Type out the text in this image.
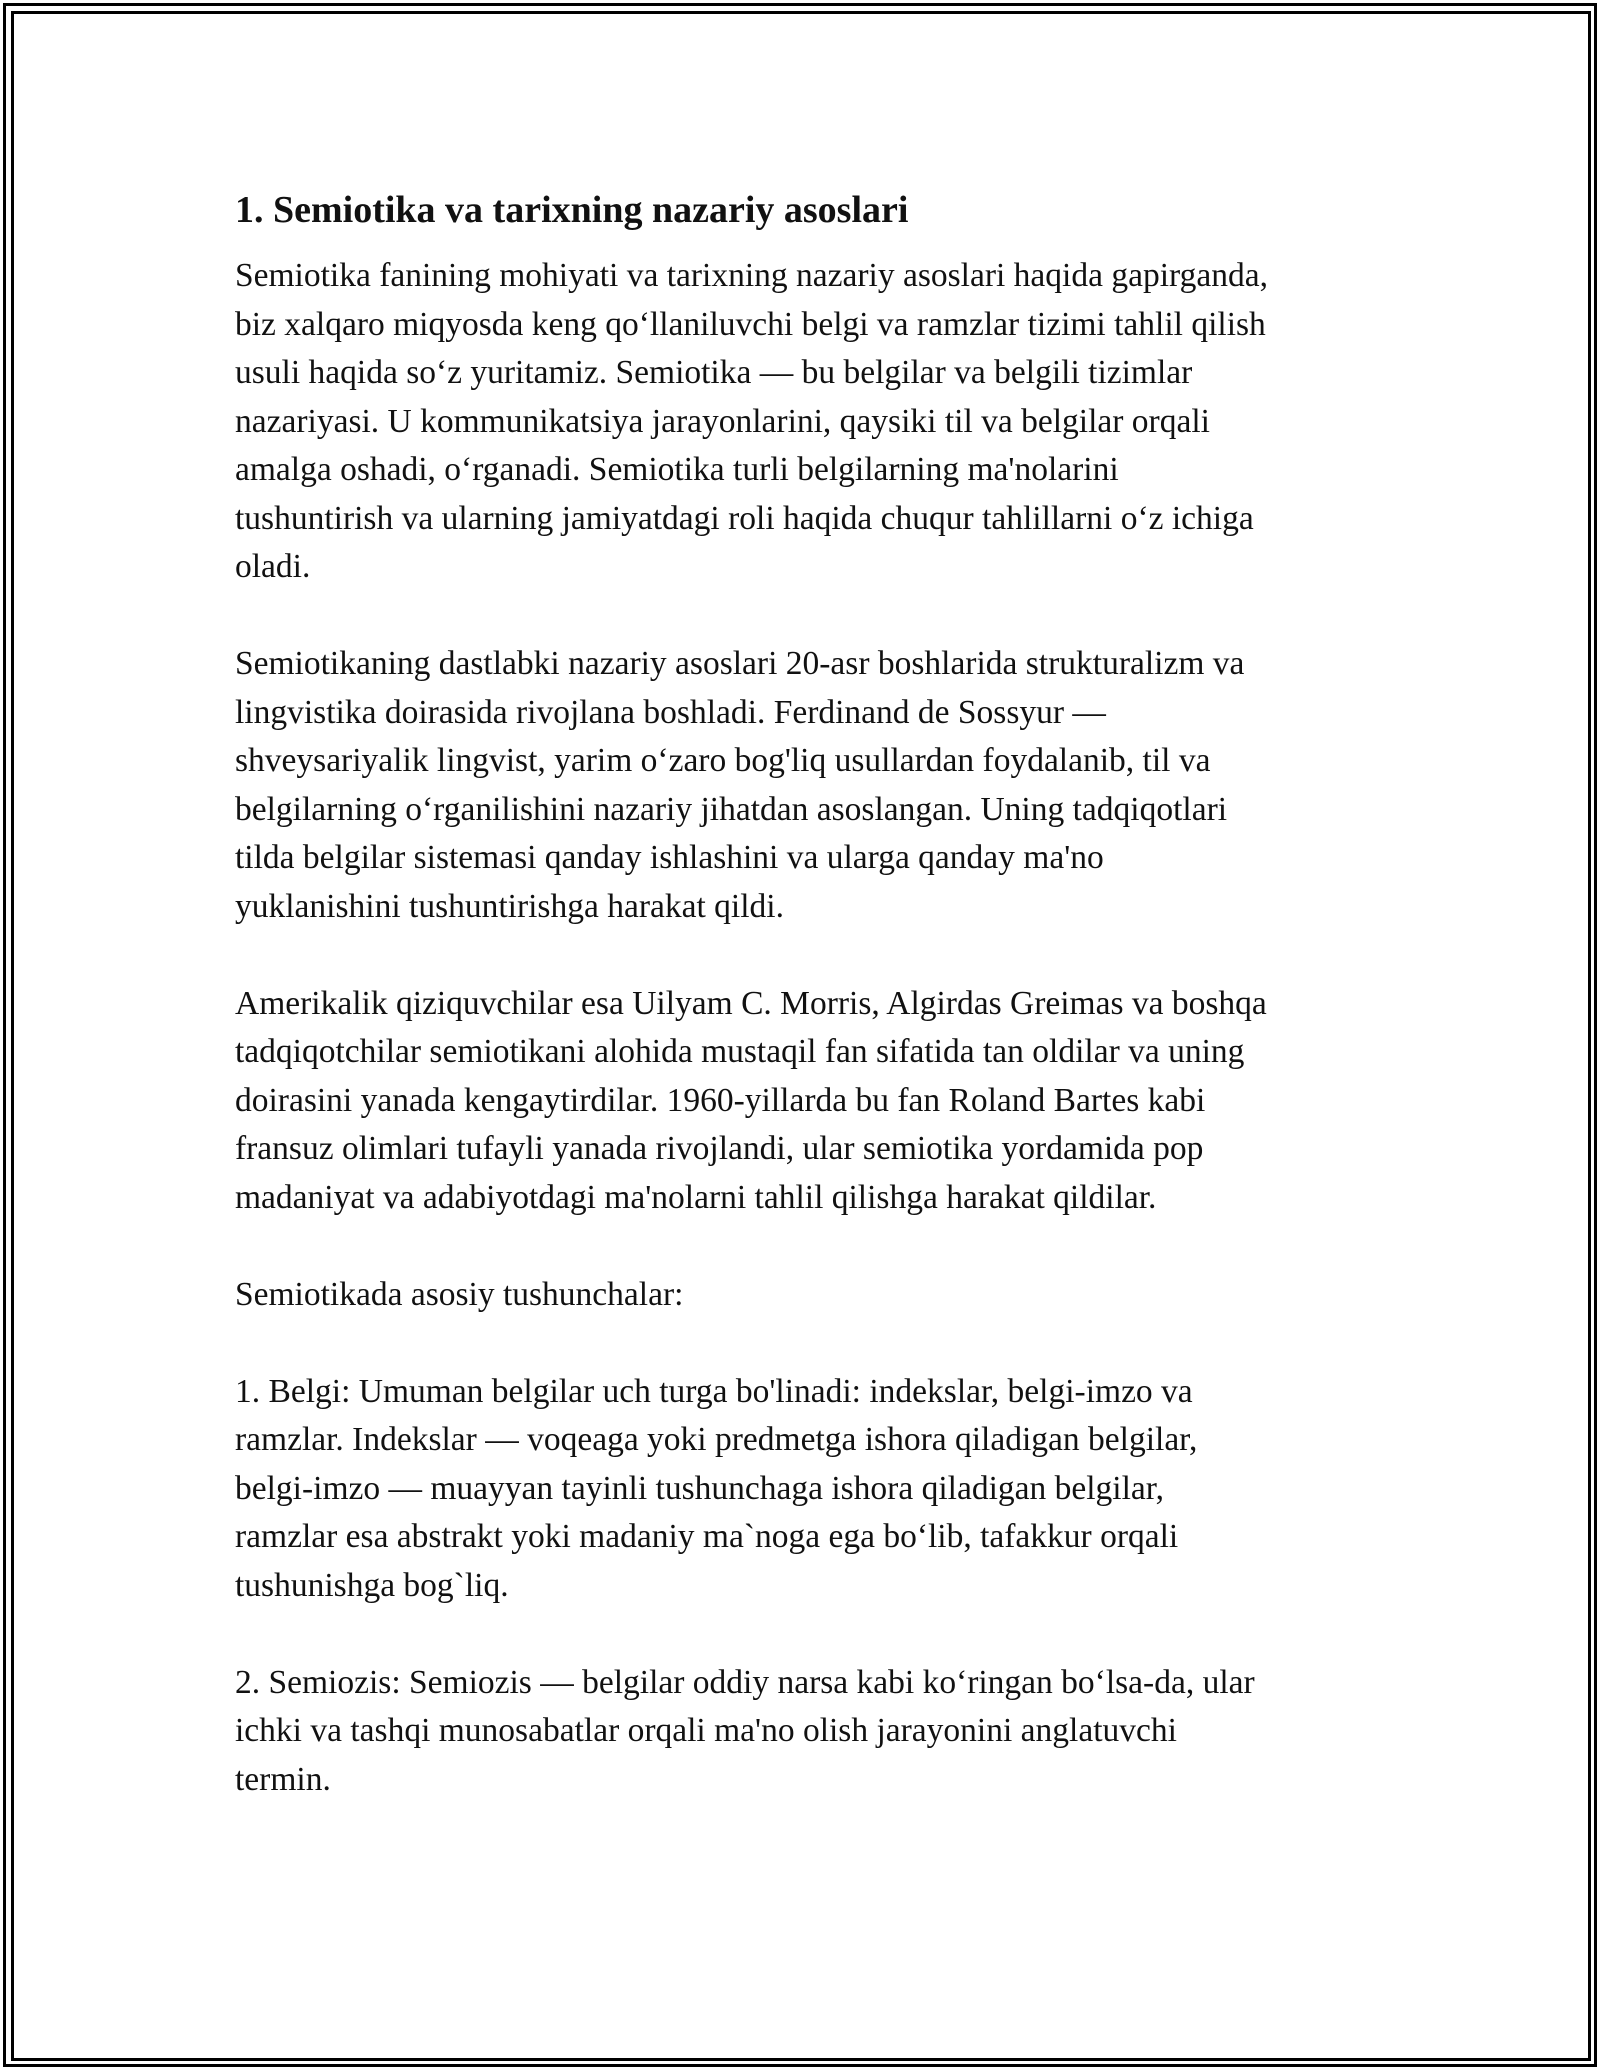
1. Semiotika va tarixning nazariy asoslari

Semiotika fanining mohiyati va tarixning nazariy asoslari haqida gapirganda,
biz xalqaro miqyosda keng qo‘llaniluvchi belgi va ramzlar tizimi tahlil qilish
usuli haqida so‘z yuritamiz. Semiotika — bu belgilar va belgili tizimlar
nazariyasi. U kommunikatsiya jarayonlarini, qaysiki til va belgilar orqali
amalga oshadi, o‘rganadi. Semiotika turli belgilarning ma'nolarini
tushuntirish va ularning jamiyatdagi roli haqida chuqur tahlillarni o‘z ichiga
oladi.

Semiotikaning dastlabki nazariy asoslari 20-asr boshlarida strukturalizm va
lingvistika doirasida rivojlana boshladi. Ferdinand de Sossyur —
shveysariyalik lingvist, yarim o‘zaro bog'liq usullardan foydalanib, til va
belgilarning o‘rganilishini nazariy jihatdan asoslangan. Uning tadqiqotlari
tilda belgilar sistemasi qanday ishlashini va ularga qanday ma'no
yuklanishini tushuntirishga harakat qildi.

Amerikalik qiziquvchilar esa Uilyam C. Morris, Algirdas Greimas va boshqa
tadqiqotchilar semiotikani alohida mustaqil fan sifatida tan oldilar va uning
doirasini yanada kengaytirdilar. 1960-yillarda bu fan Roland Bartes kabi
fransuz olimlari tufayli yanada rivojlandi, ular semiotika yordamida pop
madaniyat va adabiyotdagi ma'nolarni tahlil qilishga harakat qildilar.

Semiotikada asosiy tushunchalar:

1. Belgi: Umuman belgilar uch turga bo'linadi: indekslar, belgi-imzo va
ramzlar. Indekslar — voqeaga yoki predmetga ishora qiladigan belgilar,
belgi-imzo — muayyan tayinli tushunchaga ishora qiladigan belgilar,
ramzlar esa abstrakt yoki madaniy ma`noga ega bo‘lib, tafakkur orqali
tushunishga bog`liq.

2. Semiozis: Semiozis — belgilar oddiy narsa kabi ko‘ringan bo‘lsa-da, ular
ichki va tashqi munosabatlar orqali ma'no olish jarayonini anglatuvchi
termin.
